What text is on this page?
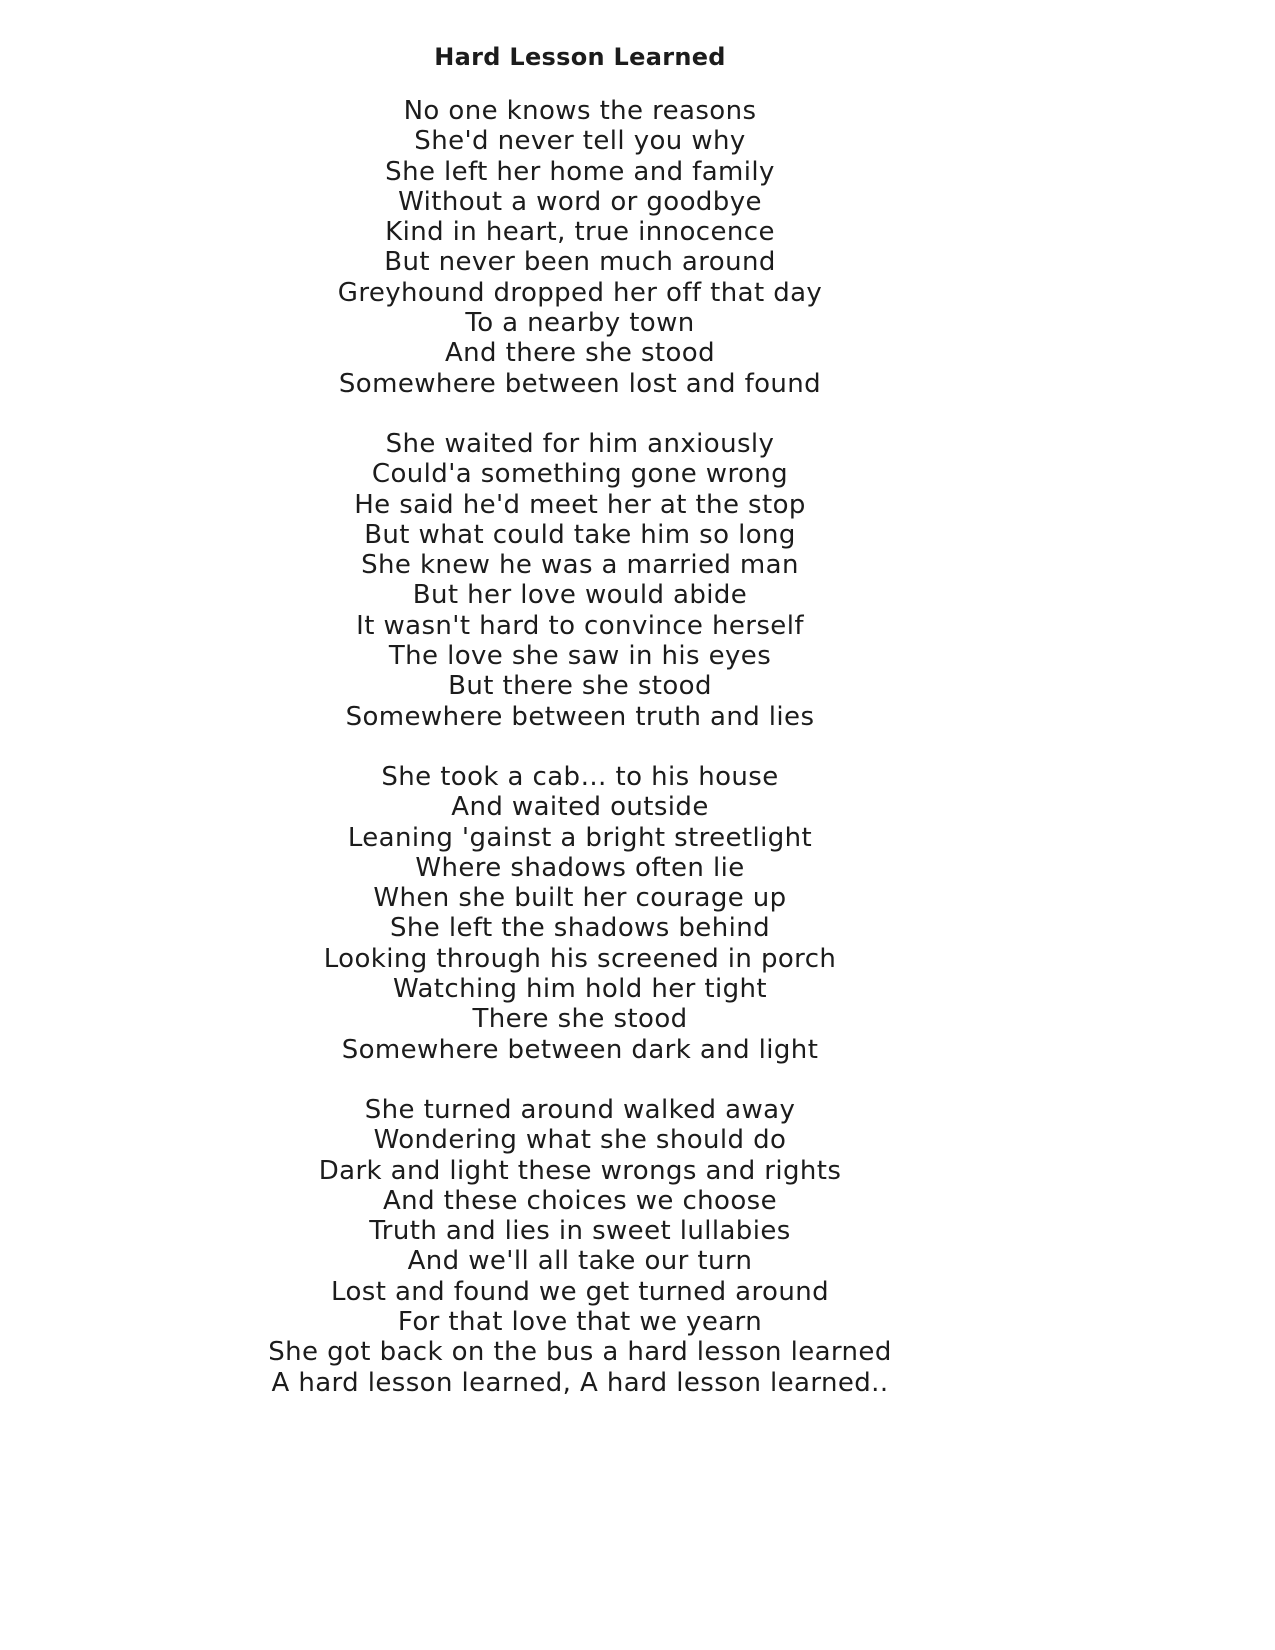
Hard Lesson Learned
No one knows the reasons
She'd never tell you why
She left her home and family
Without a word or goodbye
Kind in heart, true innocence
But never been much around
Greyhound dropped her off that day
To a nearby town
And there she stood
Somewhere between lost and found
She waited for him anxiously
Could'a something gone wrong
He said he'd meet her at the stop
But what could take him so long
She knew he was a married man
But her love would abide
It wasn't hard to convince herself
The love she saw in his eyes
But there she stood
Somewhere between truth and lies
She took a cab… to his house
And waited outside
Leaning 'gainst a bright streetlight
Where shadows often lie
When she built her courage up
She left the shadows behind
Looking through his screened in porch
Watching him hold her tight
There she stood
Somewhere between dark and light
She turned around walked away
Wondering what she should do
Dark and light these wrongs and rights
And these choices we choose
Truth and lies in sweet lullabies
And we'll all take our turn
Lost and found we get turned around
For that love that we yearn
She got back on the bus a hard lesson learned
A hard lesson learned, A hard lesson learned..
